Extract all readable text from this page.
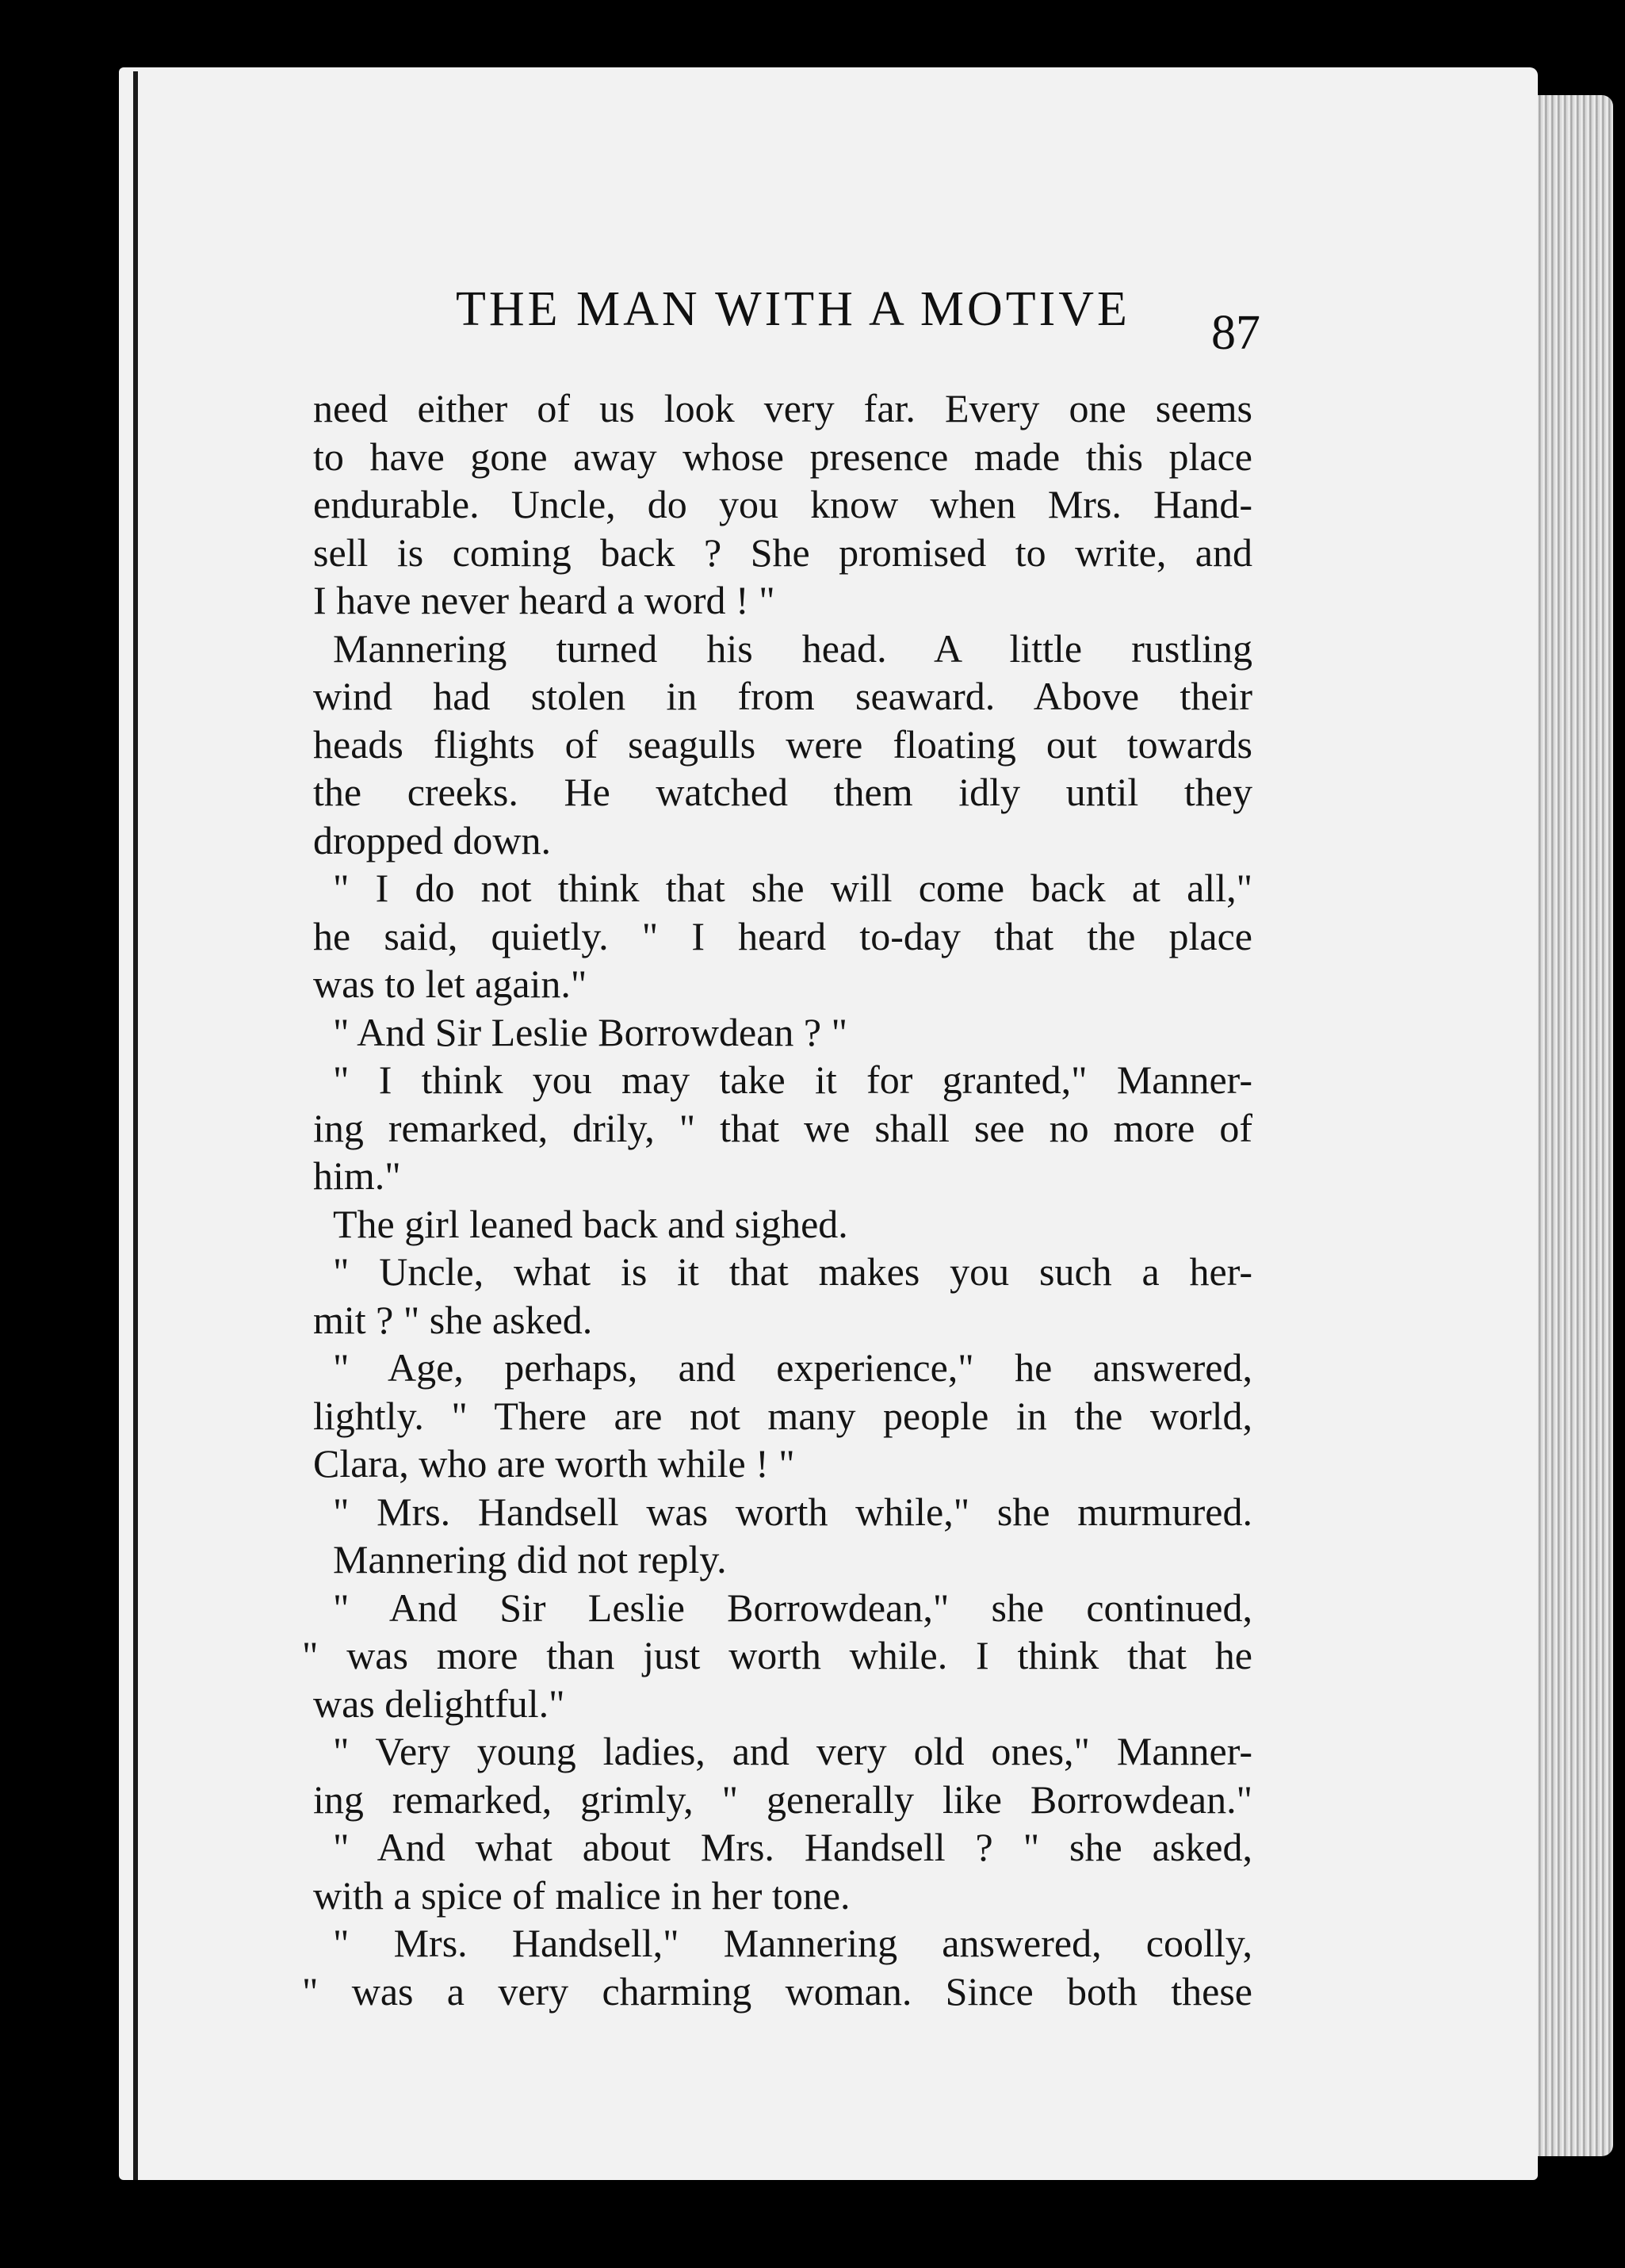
THE MAN WITH A MOTIVE	87
need either of us look very far. Every one seems
to have gone away whose presence made this place
endurable. Uncle, do you know when Mrs. Hand-
sell is coming back ? She promised to write, and
I have never heard a word ! "
Mannering turned his head. A little rustling
wind had stolen in from seaward. Above their
heads flights of seagulls were floating out towards
the creeks. He watched them idly until they
dropped down.
" I do not think that she will come back at all,"
he said, quietly. " I heard to-day that the place
was to let again."
" And Sir Leslie Borrowdean ? "
" I think you may take it for granted," Manner-
ing remarked, drily, " that we shall see no more of
him."
The girl leaned back and sighed.
" Uncle, what is it that makes you such a her-
mit ? " she asked.
" Age, perhaps, and experience," he answered,
lightly. " There are not many people in the world,
Clara, who are worth while ! "
" Mrs. Handsell was worth while," she murmured.
Mannering did not reply.
" And Sir Leslie Borrowdean," she continued,
" was more than just worth while. I think that he
was delightful."
" Very young ladies, and very old ones," Manner-
ing remarked, grimly, " generally like Borrowdean."
" And what about Mrs. Handsell ? " she asked,
with a spice of malice in her tone.
" Mrs. Handsell," Mannering answered, coolly,
" was a very charming woman. Since both these
